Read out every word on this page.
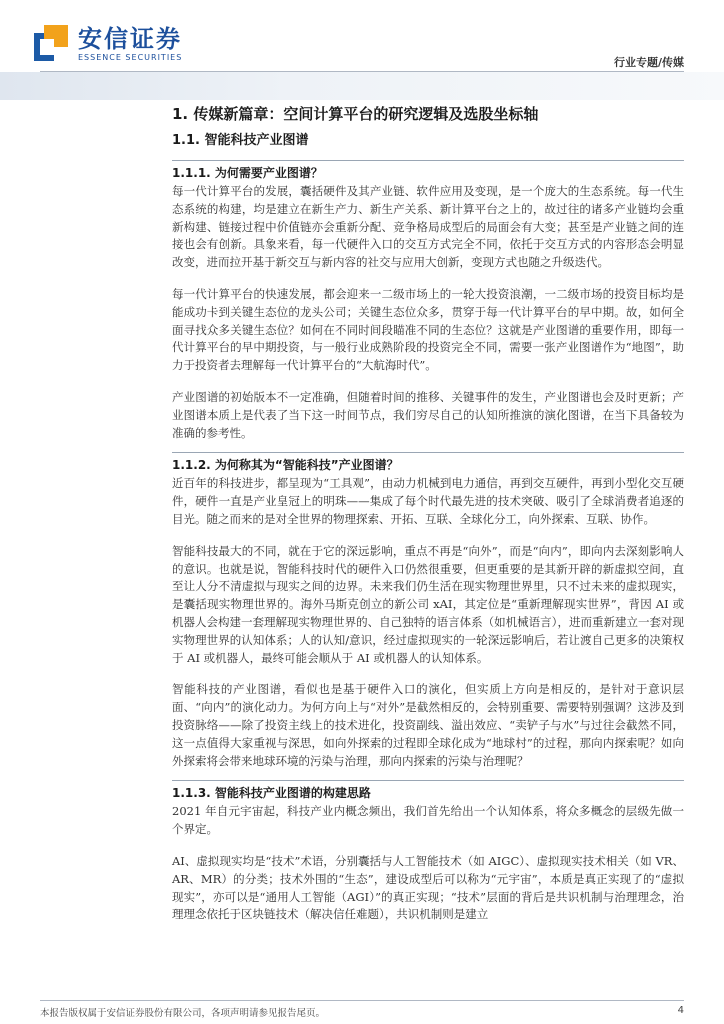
安信证券
ESSENCE SECURITIES	行业专题/传媒
1. 传媒新篇章：空间计算平台的研究逻辑及选股坐标轴
1.1. 智能科技产业图谱
1.1.1. 为何需要产业图谱？

每一代计算平台的发展，囊括硬件及其产业链、软件应用及变现，是一个庞大的生态系统。每一代生态系统的构建，均是建立在新生产力、新生产关系、新计算平台之上的，故过往的诸多产业链均会重新构建、链接过程中价值链亦会重新分配、竞争格局成型后的局面会有大变；甚至是产业链之间的连接也会有创新。具象来看，每一代硬件入口的交互方式完全不同，依托于交互方式的内容形态会明显改变，进而拉开基于新交互与新内容的社交与应用大创新，变现方式也随之升级迭代。

每一代计算平台的快速发展，都会迎来一二级市场上的一轮大投资浪潮，一二级市场的投资目标均是能成功卡到关键生态位的龙头公司；关键生态位众多，贯穿于每一代计算平台的早中期。故，如何全面寻找众多关键生态位？如何在不同时间段瞄准不同的生态位？这就是产业图谱的重要作用，即每一代计算平台的早中期投资，与一般行业成熟阶段的投资完全不同，需要一张产业图谱作为“地图”，助力于投资者去理解每一代计算平台的“大航海时代”。

产业图谱的初始版本不一定准确，但随着时间的推移、关键事件的发生，产业图谱也会及时更新；产业图谱本质上是代表了当下这一时间节点，我们穷尽自己的认知所推演的演化图谱，在当下具备较为准确的参考性。

1.1.2. 为何称其为“智能科技”产业图谱？

近百年的科技进步，都呈现为“工具观”，由动力机械到电力通信，再到交互硬件，再到小型化交互硬件，硬件一直是产业皇冠上的明珠——集成了每个时代最先进的技术突破、吸引了全球消费者追逐的目光。随之而来的是对全世界的物理探索、开拓、互联、全球化分工，向外探索、互联、协作。

智能科技最大的不同，就在于它的深远影响，重点不再是“向外”，而是“向内”，即向内去深刻影响人的意识。也就是说，智能科技时代的硬件入口仍然很重要，但更重要的是其新开辟的新虚拟空间，直至让人分不清虚拟与现实之间的边界。未来我们仍生活在现实物理世界里，只不过未来的虚拟现实，是囊括现实物理世界的。海外马斯克创立的新公司 xAI，其定位是“重新理解现实世界”，背因 AI 或机器人会构建一套理解现实物理世界的、自己独特的语言体系（如机械语言），进而重新建立一套对现实物理世界的认知体系；人的认知/意识，经过虚拟现实的一轮深远影响后，若让渡自己更多的决策权于 AI 或机器人，最终可能会顺从于 AI 或机器人的认知体系。

智能科技的产业图谱，看似也是基于硬件入口的演化，但实质上方向是相反的，是针对于意识层面、“向内”的演化动力。为何方向上与“对外”是截然相反的，会特别重要、需要特别强调？这涉及到投资脉络——除了投资主线上的技术进化，投资副线、溢出效应、“卖铲子与水”与过往会截然不同，这一点值得大家重视与深思，如向外探索的过程即全球化成为“地球村”的过程，那向内探索呢？如向外探索将会带来地球环境的污染与治理，那向内探索的污染与治理呢？

1.1.3. 智能科技产业图谱的构建思路

2021 年自元宇宙起，科技产业内概念频出，我们首先给出一个认知体系，将众多概念的层级先做一个界定。

AI、虚拟现实均是“技术”术语，分别囊括与人工智能技术（如 AIGC）、虚拟现实技术相关（如 VR、AR、MR）的分类；技术外围的“生态”，建设成型后可以称为“元宇宙”，本质是真正实现了的“虚拟现实”，亦可以是“通用人工智能（AGI）”的真正实现；“技术”层面的背后是共识机制与治理理念，治理理念依托于区块链技术（解决信任难题），共识机制则是建立

本报告版权属于安信证券股份有限公司，各项声明请参见报告尾页。	4
